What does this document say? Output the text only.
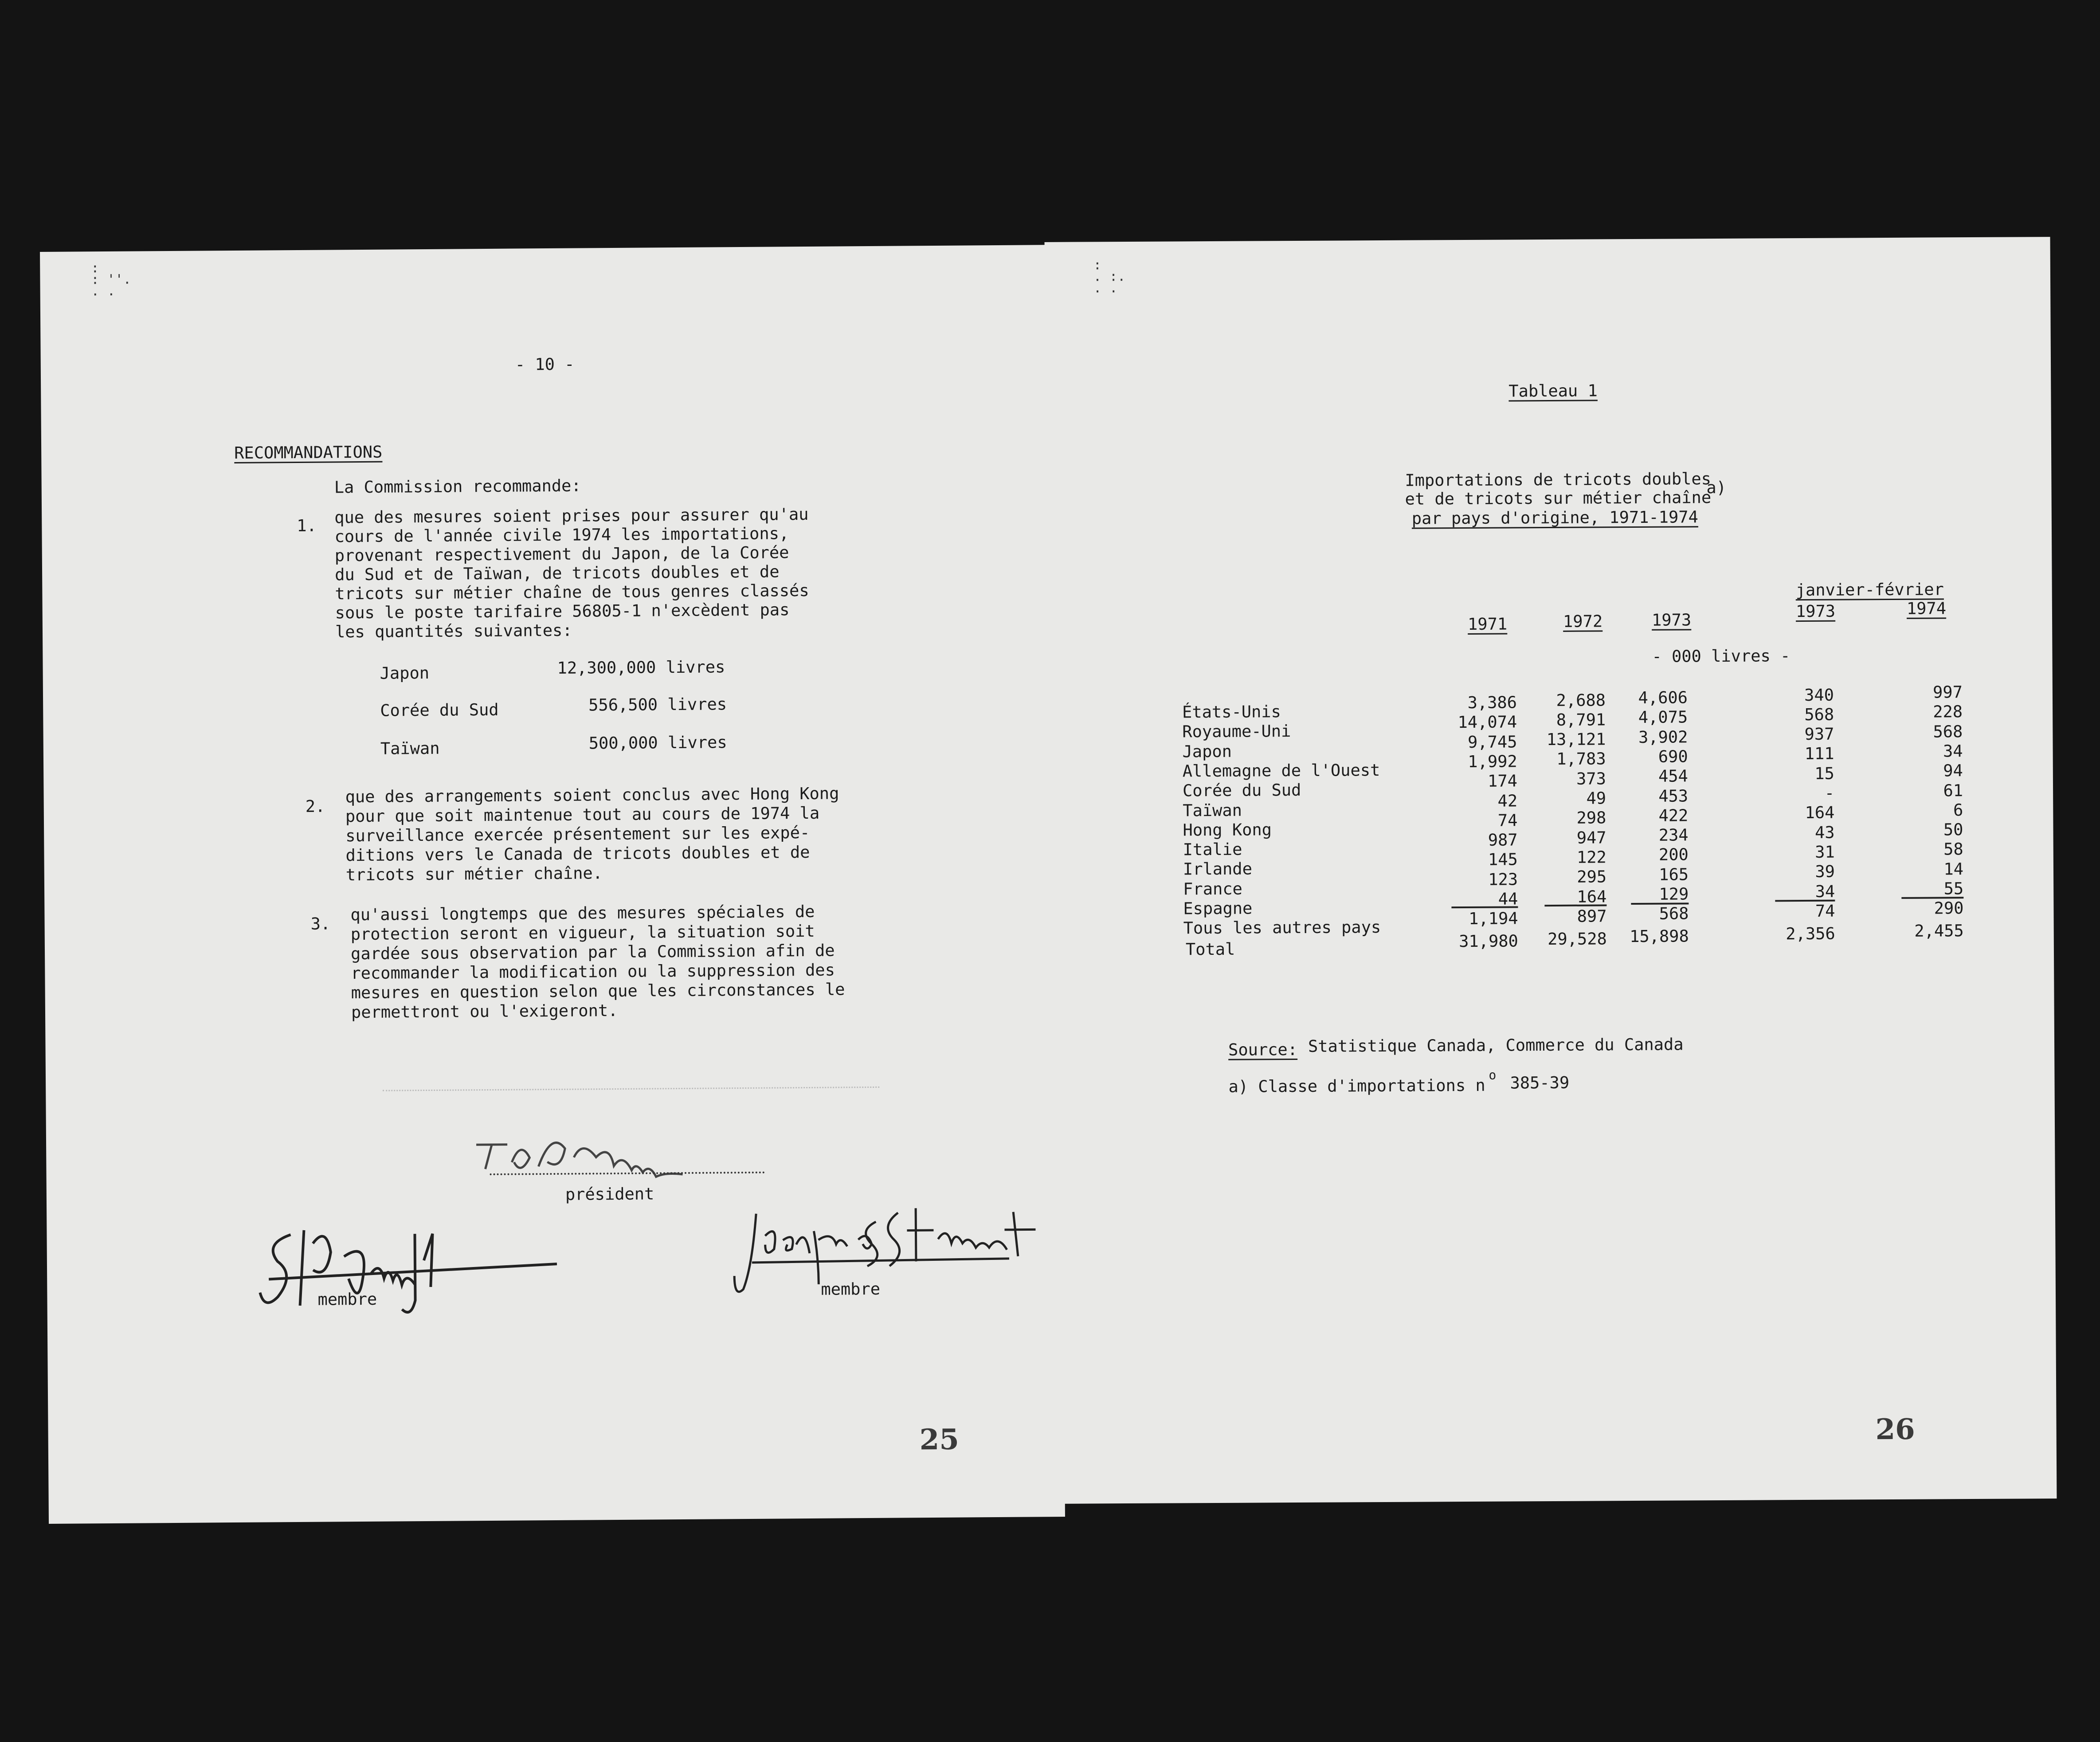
:
: ''.
. .
- 10 -
RECOMMANDATIONS
La Commission recommande:
1. que des mesures soient prises pour assurer qu'au
cours de l'année civile 1974 les importations,
provenant respectivement du Japon, de la Corée
du Sud et de Taïwan, de tricots doubles et de
tricots sur métier chaîne de tous genres classés
sous le poste tarifaire 56805-1 n'excèdent pas
les quantités suivantes:
Japon	12,300,000 livres
Corée du Sud	556,500 livres
Taïwan	500,000 livres
2. que des arrangements soient conclus avec Hong Kong
pour que soit maintenue tout au cours de 1974 la
surveillance exercée présentement sur les expé-
ditions vers le Canada de tricots doubles et de
tricots sur métier chaîne.
3. qu'aussi longtemps que des mesures spéciales de
protection seront en vigueur, la situation soit
gardée sous observation par la Commission afin de
recommander la modification ou la suppression des
mesures en question selon que les circonstances le
permettront ou l'exigeront.
président
membre
membre
25
:
. :.
. .
Tableau 1
Importations de tricots doubles
a)
et de tricots sur métier chaîne
par pays d'origine, 1971-1974
janvier-février
1971	1972	1973	1973	1974
- 000 livres -
États-Unis	3,386	2,688	4,606	340	997
Royaume-Uni	14,074	8,791	4,075	568	228
Japon	9,745 13,121	3,902	937	568
Allemagne de l'Ouest	1,992	1,783	690	111	34
Corée du Sud	174	373	454	15	94
Taïwan	42	49	453	-	61
Hong Kong	74	298	422	164	6
Italie	987	947	234	43	50
Irlande	145	122	200	31	58
France	123	295	165	39	14
Espagne	44	164	129	34	55
Tous les autres pays	1,194	897	568	74	290
Total	31,980 29,528 15,898	2,356	2,455
Source: Statistique Canada, Commerce du Canada
a) Classe d'importations n
o 385-39
26
